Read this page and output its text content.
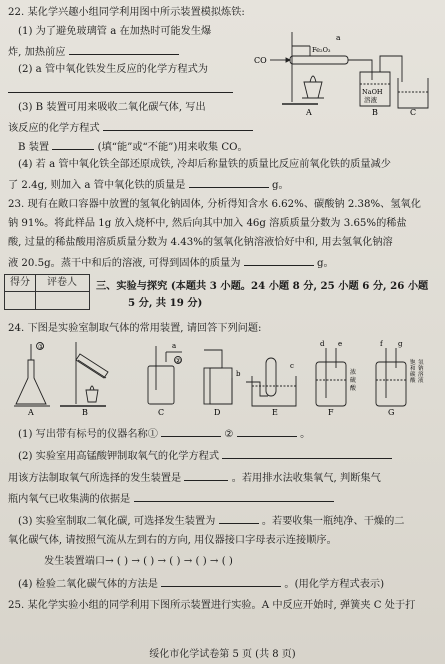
22. 某化学兴趣小组同学利用图中所示装置模拟炼铁:
(1) 为了避免玻璃管 a 在加热时可能发生爆
炸, 加热前应
(2) a 管中氧化铁发生反应的化学方程式为
(3) B 装置可用来吸收二氧化碳气体, 写出
该反应的化学方程式
B 装置	(填“能”或“不能”)用来收集 CO。
(4) 若 a 管中氧化铁全部还原成铁, 冷却后称量铁的质量比反应前氧化铁的质量减少
了 2.4g, 则加入 a 管中氧化铁的质量是	g。
CO
Fe₂O₃
a
NaOH
溶液
A	B	C
23. 现有在敞口容器中放置的氢氧化钠固体, 分析得知含水 6.62%、碳酸钠 2.38%、氢氧化
钠 91%。将此样品 1g 放入烧杯中, 然后向其中加入 46g 溶质质量分数为 3.65%的稀盐
酸, 过量的稀盐酸用溶质质量分数为 4.43%的氢氧化钠溶液恰好中和, 用去氢氧化钠溶
液 20.5g。蒸干中和后的溶液, 可得到固体的质量为	g。
得分	评卷人	三、实验与探究 (本题共 3 小题。24 小题 8 分, 25 小题 6 分, 26 小题
5 分, 共 19 分)
24. 下图是实验室制取气体的常用装置, 请回答下列问题:
①
②
a
b
c
d e	f g
浓
硫
酸
饱
和
碳
酸
氢
钠
溶
液
A	B	C	D	E	F	G
(1) 写出带有标号的仪器名称①	②	。
(2) 实验室用高锰酸钾制取氧气的化学方程式
用该方法制取氧气所选择的发生装置是	。若用排水法收集氧气, 判断集气
瓶内氧气已收集满的依据是
(3) 实验室制取二氧化碳, 可选择发生装置为	。若要收集一瓶纯净、干燥的二
氧化碳气体, 请按照气流从左到右的方向, 用仪器接口字母表示连接顺序。
发生装置端口→ ( ) → ( ) → ( ) → ( ) → ( )
(4) 检验二氧化碳气体的方法是	。(用化学方程式表示)
25. 某化学实验小组的同学利用下图所示装置进行实验。A 中反应开始时, 弹簧夹 C 处于打
绥化市化学试卷第 5 页 (共 8 页)
